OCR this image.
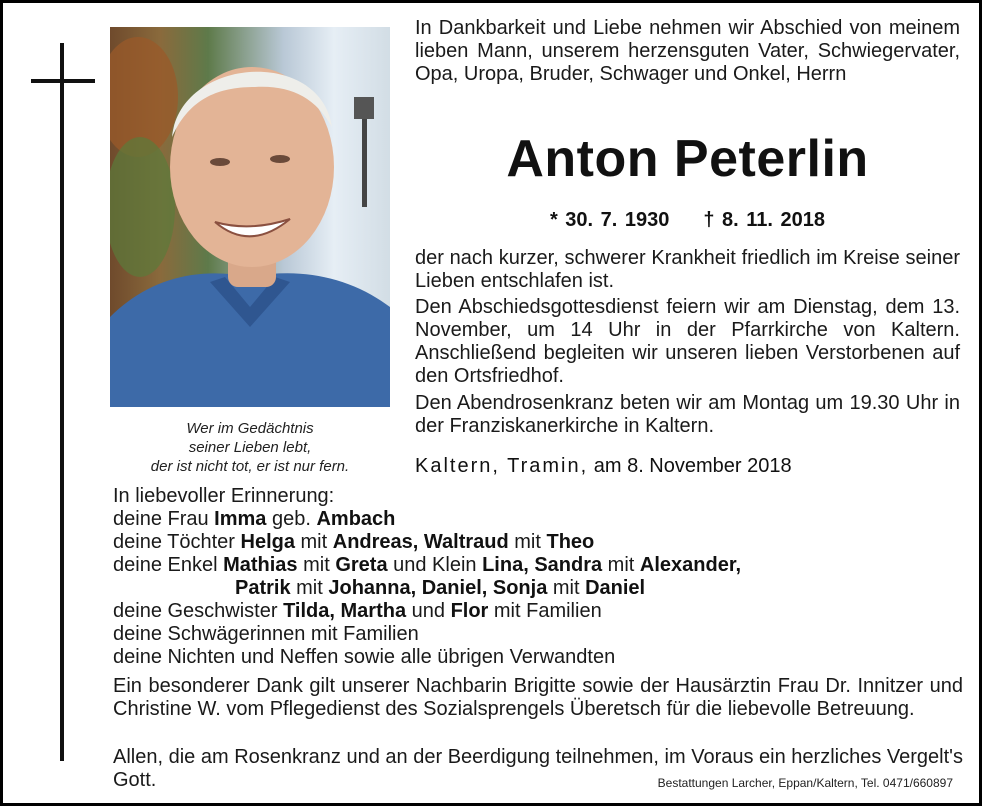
Wer im Gedächtnis
seiner Lieben lebt,
der ist nicht tot, er ist nur fern.
In Dankbarkeit und Liebe nehmen wir Abschied von meinem lieben Mann, unserem herzensguten Vater, Schwiegervater, Opa, Uropa, Bruder, Schwager und Onkel, Herrn
Anton Peterlin
* 30. 7. 1930 † 8. 11. 2018
der nach kurzer, schwerer Krankheit friedlich im Kreise seiner Lieben entschlafen ist.
Den Abschiedsgottesdienst feiern wir am Dienstag, dem 13. November, um 14 Uhr in der Pfarrkirche von Kaltern. Anschließend begleiten wir unseren lieben Verstorbenen auf den Ortsfriedhof.
Den Abendrosenkranz beten wir am Montag um 19.30 Uhr in der Franziskanerkirche in Kaltern.
Kaltern, Tramin, am 8. November 2018
In liebevoller Erinnerung:
deine Frau Imma geb. Ambach
deine Töchter Helga mit Andreas, Waltraud mit Theo
deine Enkel Mathias mit Greta und Klein Lina, Sandra mit Alexander,
Patrik mit Johanna, Daniel, Sonja mit Daniel
deine Geschwister Tilda, Martha und Flor mit Familien
deine Schwägerinnen mit Familien
deine Nichten und Neffen sowie alle übrigen Verwandten
Ein besonderer Dank gilt unserer Nachbarin Brigitte sowie der Hausärztin Frau Dr. Innitzer und Christine W. vom Pflegedienst des Sozialsprengels Überetsch für die liebevolle Betreuung.
Allen, die am Rosenkranz und an der Beerdigung teilnehmen, im Voraus ein herzliches Vergelt's Gott.	Bestattungen Larcher, Eppan/Kaltern, Tel. 0471/660897
